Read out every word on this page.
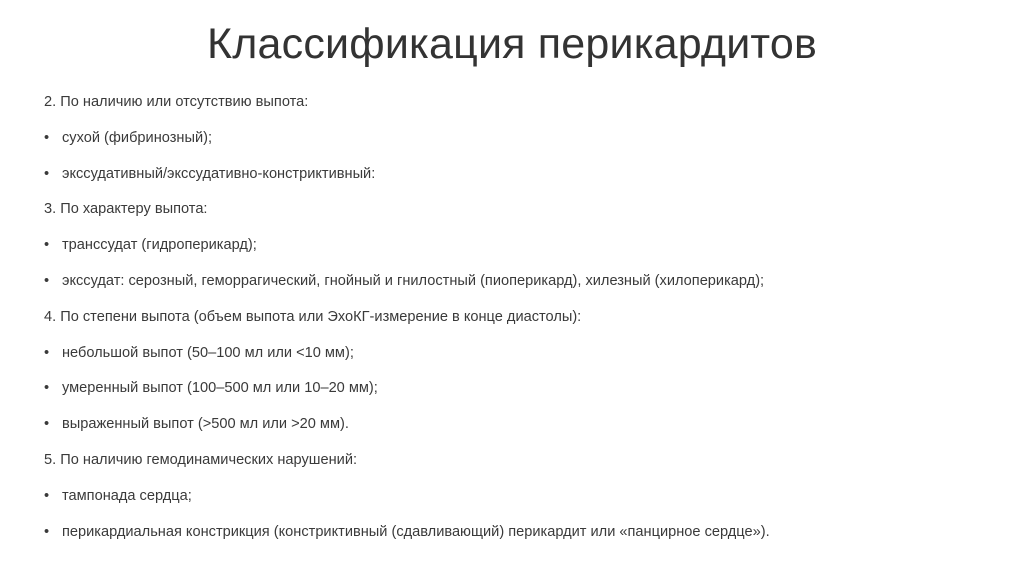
Классификация перикардитов
2. По наличию или отсутствию выпота:
• сухой (фибринозный);
• экссудативный/экссудативно-констриктивный:
3. По характеру выпота:
• транссудат (гидроперикард);
• экссудат: серозный, геморрагический, гнойный и гнилостный (пиоперикард), хилезный (хилоперикард);
4. По степени выпота (объем выпота или ЭхоКГ-измерение в конце диастолы):
• небольшой выпот (50–100 мл или <10 мм);
• умеренный выпот (100–500 мл или 10–20 мм);
• выраженный выпот (>500 мл или >20 мм).
5. По наличию гемодинамических нарушений:
• тампонада сердца;
• перикардиальная констрикция (констриктивный (сдавливающий) перикардит или «панцирное сердце»).
